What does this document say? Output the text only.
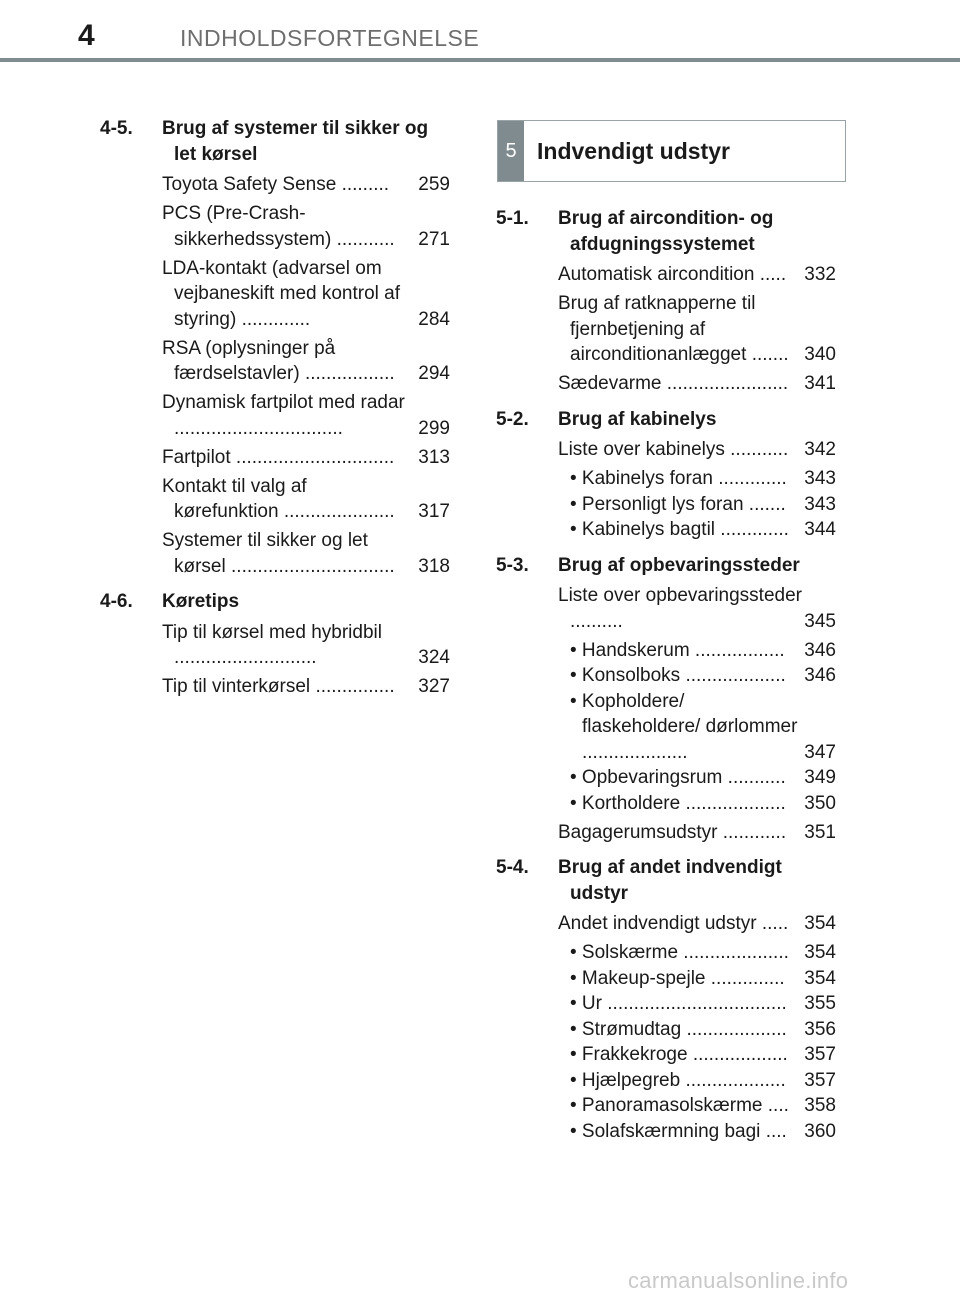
4	INDHOLDSFORTEGNELSE
4-5.	Brug af systemer til sikker og let kørsel
Toyota Safety Sense .........	259
PCS (Pre-Crash-sikkerhedssystem) ...........	271
LDA-kontakt (advarsel om vejbaneskift med kontrol af styring) .............	284
RSA (oplysninger på færdselstavler) .................	294
Dynamisk fartpilot med radar ................................	299
Fartpilot ..............................	313
Kontakt til valg af kørefunktion .....................	317
Systemer til sikker og let kørsel ...............................	318
4-6.	Køretips
Tip til kørsel med hybridbil ...........................	324
Tip til vinterkørsel ...............	327
5 Indvendigt udstyr
5-1.	Brug af aircondition- og afdugningssystemet
Automatisk aircondition ..... 332
Brug af ratknapperne til fjernbetjening af airconditionanlægget ....... 340
Sædevarme ....................... 341
5-2.	Brug af kabinelys
Liste over kabinelys ........... 342
• Kabinelys foran ............. 343
• Personligt lys foran ....... 343
• Kabinelys bagtil ............. 344
5-3.	Brug af opbevaringssteder
Liste over opbevaringssteder ..........	345
• Handskerum .................	346
• Konsolboks ................... 346
• Kopholdere/ flaskeholdere/ dørlommer ....................	347
• Opbevaringsrum ........... 349
• Kortholdere ................... 350
Bagagerumsudstyr ............ 351
5-4.	Brug af andet indvendigt udstyr
Andet indvendigt udstyr ..... 354
• Solskærme .................... 354
• Makeup-spejle ..............	354
• Ur .................................. 355
• Strømudtag ................... 356
• Frakkekroge .................. 357
• Hjælpegreb ................... 357
• Panoramasolskærme .... 358
• Solafskærmning bagi .... 360
carmanualsonline.info
